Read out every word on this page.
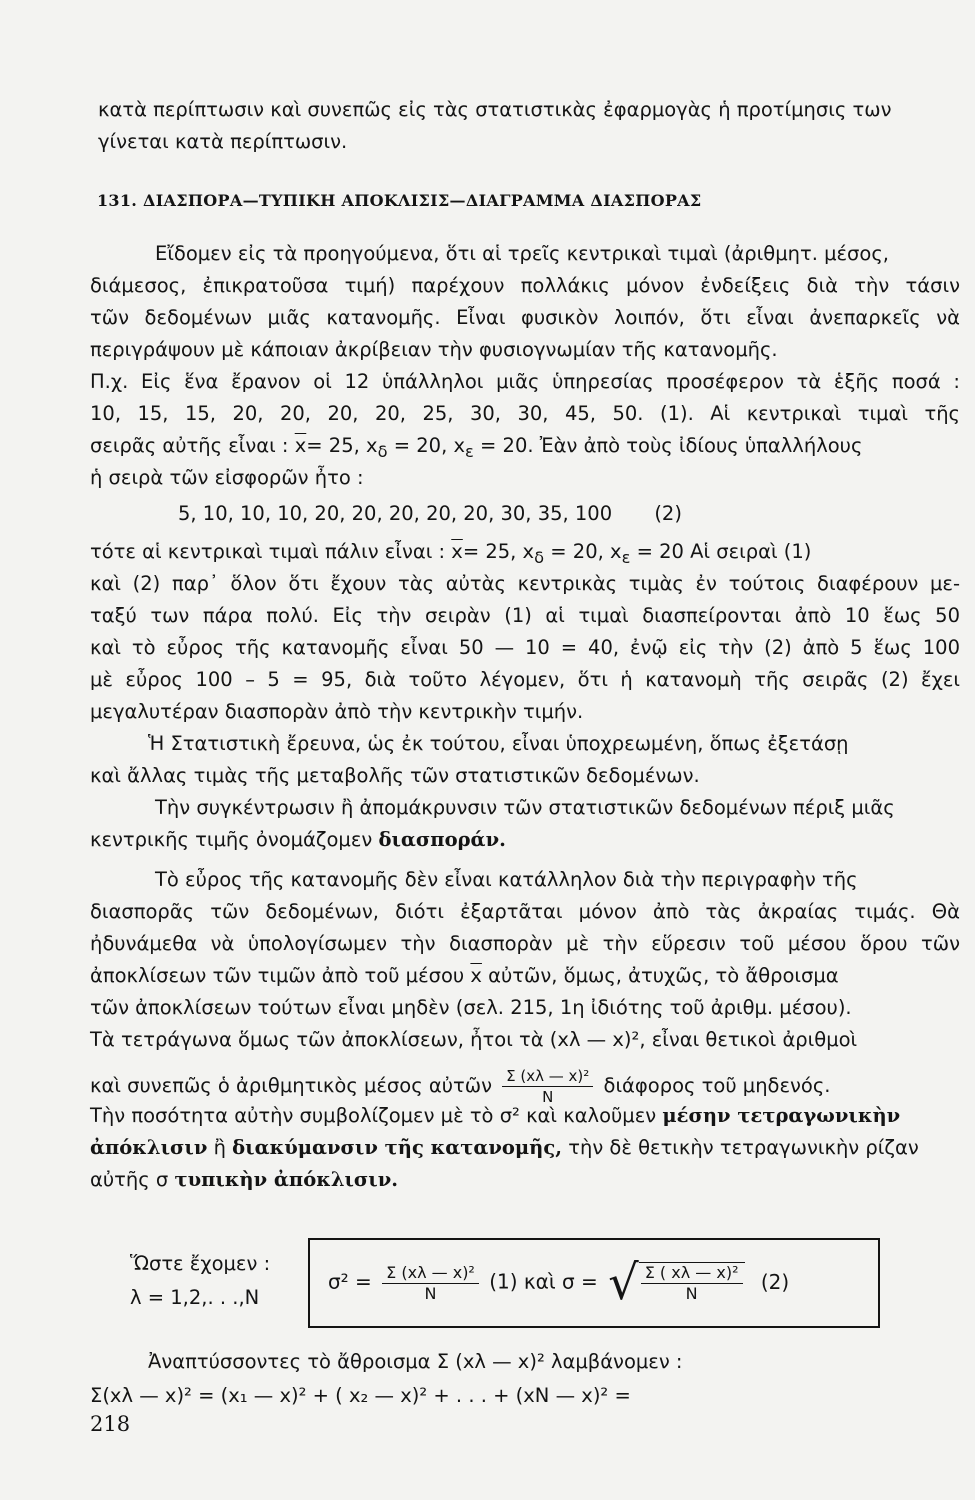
κατὰ περίπτωσιν καὶ συνεπῶς εἰς τὰς στατιστικὰς ἐφαρμογὰς ἡ προτίμησις των
γίνεται κατὰ περίπτωσιν.
131. ΔΙΑΣΠΟΡΑ—ΤΥΠΙΚΗ ΑΠΟΚΛΙΣΙΣ—ΔΙΑΓΡΑΜΜΑ ΔΙΑΣΠΟΡΑΣ
Εἴδομεν εἰς τὰ προηγούμενα, ὅτι αἱ τρεῖς κεντρικαὶ τιμαὶ (ἀριθμητ. μέσος,
διάμεσος, ἐπικρατοῦσα τιμή) παρέχουν πολλάκις μόνον ἐνδείξεις διὰ τὴν τάσιν
τῶν δεδομένων μιᾶς κατανομῆς. Εἶναι φυσικὸν λοιπόν, ὅτι εἶναι ἀνεπαρκεῖς νὰ
περιγράψουν μὲ κάποιαν ἀκρίβειαν τὴν φυσιογνωμίαν τῆς κατανομῆς.
Π.χ. Εἰς ἕνα ἔρανον οἱ 12 ὑπάλληλοι μιᾶς ὑπηρεσίας προσέφερον τὰ ἑξῆς ποσά :
10, 15, 15, 20, 20, 20, 20, 25, 30, 30, 45, 50. (1). Αἱ κεντρικαὶ τιμαὶ τῆς
σειρᾶς αὐτῆς εἶναι : $\overline{x}= 25$, $x_\delta = 20$, $x_\varepsilon = 20$. Ἐὰν ἀπὸ τοὺς ἰδίους ὑπαλλήλους
ἡ σειρὰ τῶν εἰσφορῶν ἦτο :
5, 10, 10, 10, 20, 20, 20, 20, 20, 30, 35, 100 (2)
τότε αἱ κεντρικαὶ τιμαὶ πάλιν εἶναι : $\overline{x}= 25$, $x_\delta = 20$, $x_\varepsilon = 20$ Αἱ σειραὶ (1)
καὶ (2) παρ᾽ ὅλον ὅτι ἔχουν τὰς αὐτὰς κεντρικὰς τιμὰς ἐν τούτοις διαφέρουν με-
ταξύ των πάρα πολύ. Εἰς τὴν σειρὰν (1) αἱ τιμαὶ διασπείρονται ἀπὸ 10 ἕως 50
καὶ τὸ εὖρος τῆς κατανομῆς εἶναι 50 — 10 = 40, ἐνῷ εἰς τὴν (2) ἀπὸ 5 ἕως 100
μὲ εὖρος 100 – 5 = 95, διὰ τοῦτο λέγομεν, ὅτι ἡ κατανομὴ τῆς σειρᾶς (2) ἔχει
μεγαλυτέραν διασπορὰν ἀπὸ τὴν κεντρικὴν τιμήν.
Ἡ Στατιστικὴ ἔρευνα, ὡς ἐκ τούτου, εἶναι ὑποχρεωμένη, ὅπως ἐξετάσῃ
καὶ ἄλλας τιμὰς τῆς μεταβολῆς τῶν στατιστικῶν δεδομένων.
Τὴν συγκέντρωσιν ἢ ἀπομάκρυνσιν τῶν στατιστικῶν δεδομένων πέριξ μιᾶς
κεντρικῆς τιμῆς ὀνομάζομεν διασποράν.
Τὸ εὖρος τῆς κατανομῆς δὲν εἶναι κατάλληλον διὰ τὴν περιγραφὴν τῆς
διασπορᾶς τῶν δεδομένων, διότι ἐξαρτᾶται μόνον ἀπὸ τὰς ἀκραίας τιμάς. Θὰ
ἠδυνάμεθα νὰ ὑπολογίσωμεν τὴν διασπορὰν μὲ τὴν εὕρεσιν τοῦ μέσου ὅρου τῶν
ἀποκλίσεων τῶν τιμῶν ἀπὸ τοῦ μέσου $\overline{x}$ αὐτῶν, ὅμως, ἀτυχῶς, τὸ ἄθροισμα
τῶν ἀποκλίσεων τούτων εἶναι μηδὲν (σελ. 215, 1η ἰδιότης τοῦ ἀριθμ. μέσου).
Τὰ τετράγωνα ὅμως τῶν ἀποκλίσεων, ἦτοι τὰ (xλ — x)², εἶναι θετικοὶ ἀριθμοὶ
καὶ συνεπῶς ὁ ἀριθμητικὸς μέσος αὐτῶν $\frac{\text{Σ (xλ — x)²}}{N}$ διάφορος τοῦ μηδενός.
Τὴν ποσότητα αὐτὴν συμβολίζομεν μὲ τὸ σ² καὶ καλοῦμεν μέσην τετραγωνικὴν
ἀπόκλισιν ἢ διακύμανσιν τῆς κατανομῆς, τὴν δὲ θετικὴν τετραγωνικὴν ρίζαν
αὐτῆς σ τυπικὴν ἀπόκλισιν.
Ὥστε ἔχομεν :
λ = 1,2,. . .,N
$\sigma^2 = \frac{\text{Σ (xλ — x)²}}{N} (1)$ καὶ σ = √ $\frac{\text{Σ ( xλ — x)²}}{N} (2)$
Ἀναπτύσσοντες τὸ ἄθροισμα Σ (xλ — x)² λαμβάνομεν :
Σ(xλ — x)² = (x₁ — x)² + ( x₂ — x)² + . . . + (xN — x)² =
218
